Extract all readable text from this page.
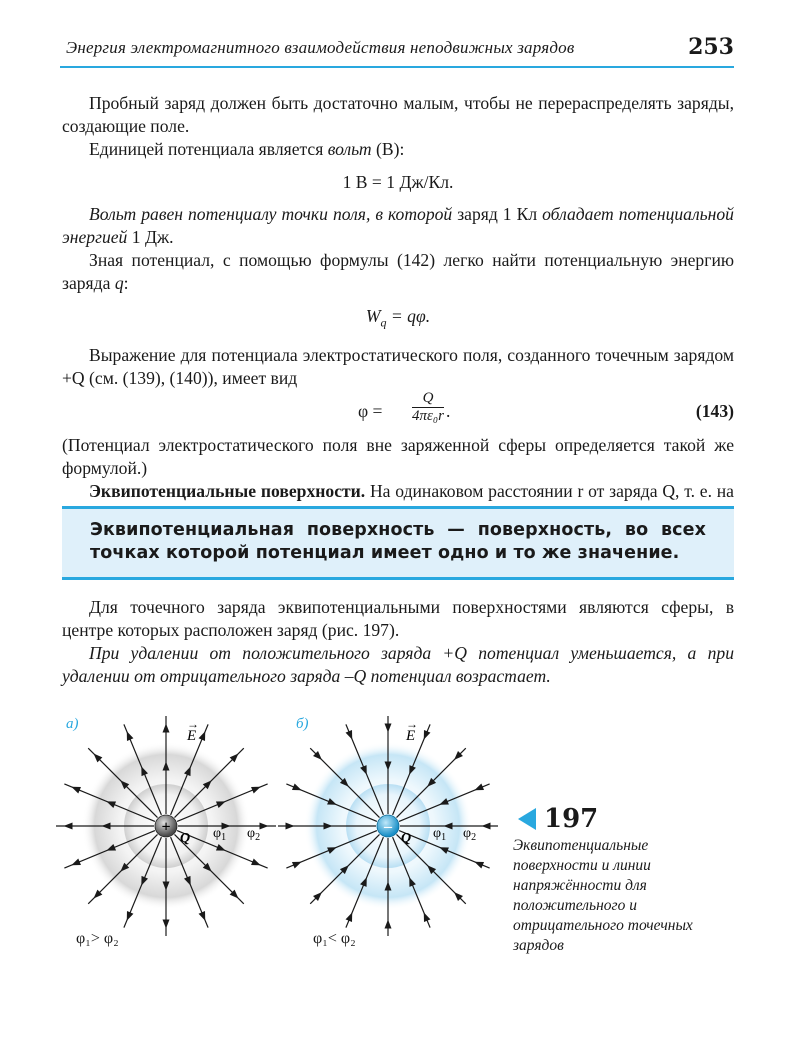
Энергия электромагнитного взаимодействия неподвижных зарядов	253

Пробный заряд должен быть достаточно малым, чтобы не перераспределять заряды, создающие поле.

Единицей потенциала является вольт (В):

1 В = 1 Дж/Кл.

Вольт равен потенциалу точки поля, в которой заряд 1 Кл обладает потенциальной энергией 1 Дж.

Зная потенциал, с помощью формулы (142) легко найти потенциальную энергию заряда q:

$W_q = q\varphi$.

Выражение для потенциала электростатического поля, созданного точечным зарядом +Q (см. (139), (140)), имеет вид

$\varphi = \frac{Q}{\text{4πε₀r}}$ .	(143)

(Потенциал электростатического поля вне заряженной сферы определяется такой же формулой.)

Эквипотенциальные поверхности. На одинаковом расстоянии r от заряда Q, т. е. на

Эквипотенциальная поверхность — поверхность, во всех точках которой потенциал имеет одно и то же значение.

Для точечного заряда эквипотенциальными поверхностями являются сферы, в центре которых расположен заряд (рис. 197).

При удалении от положительного заряда +Q потенциал уменьшается, а при удалении от отрицательного заряда –Q потенциал возрастает.

а)	б)
+
Q $\varphi_1$ $\varphi_2$
E
→
–
Q $\varphi_1$ $\varphi_2$
E
→
φ₁> φ₂	φ₁< φ₂
197
Эквипотенциальные поверхности и линии напряжённости для положительного и отрицательного точечных зарядов
